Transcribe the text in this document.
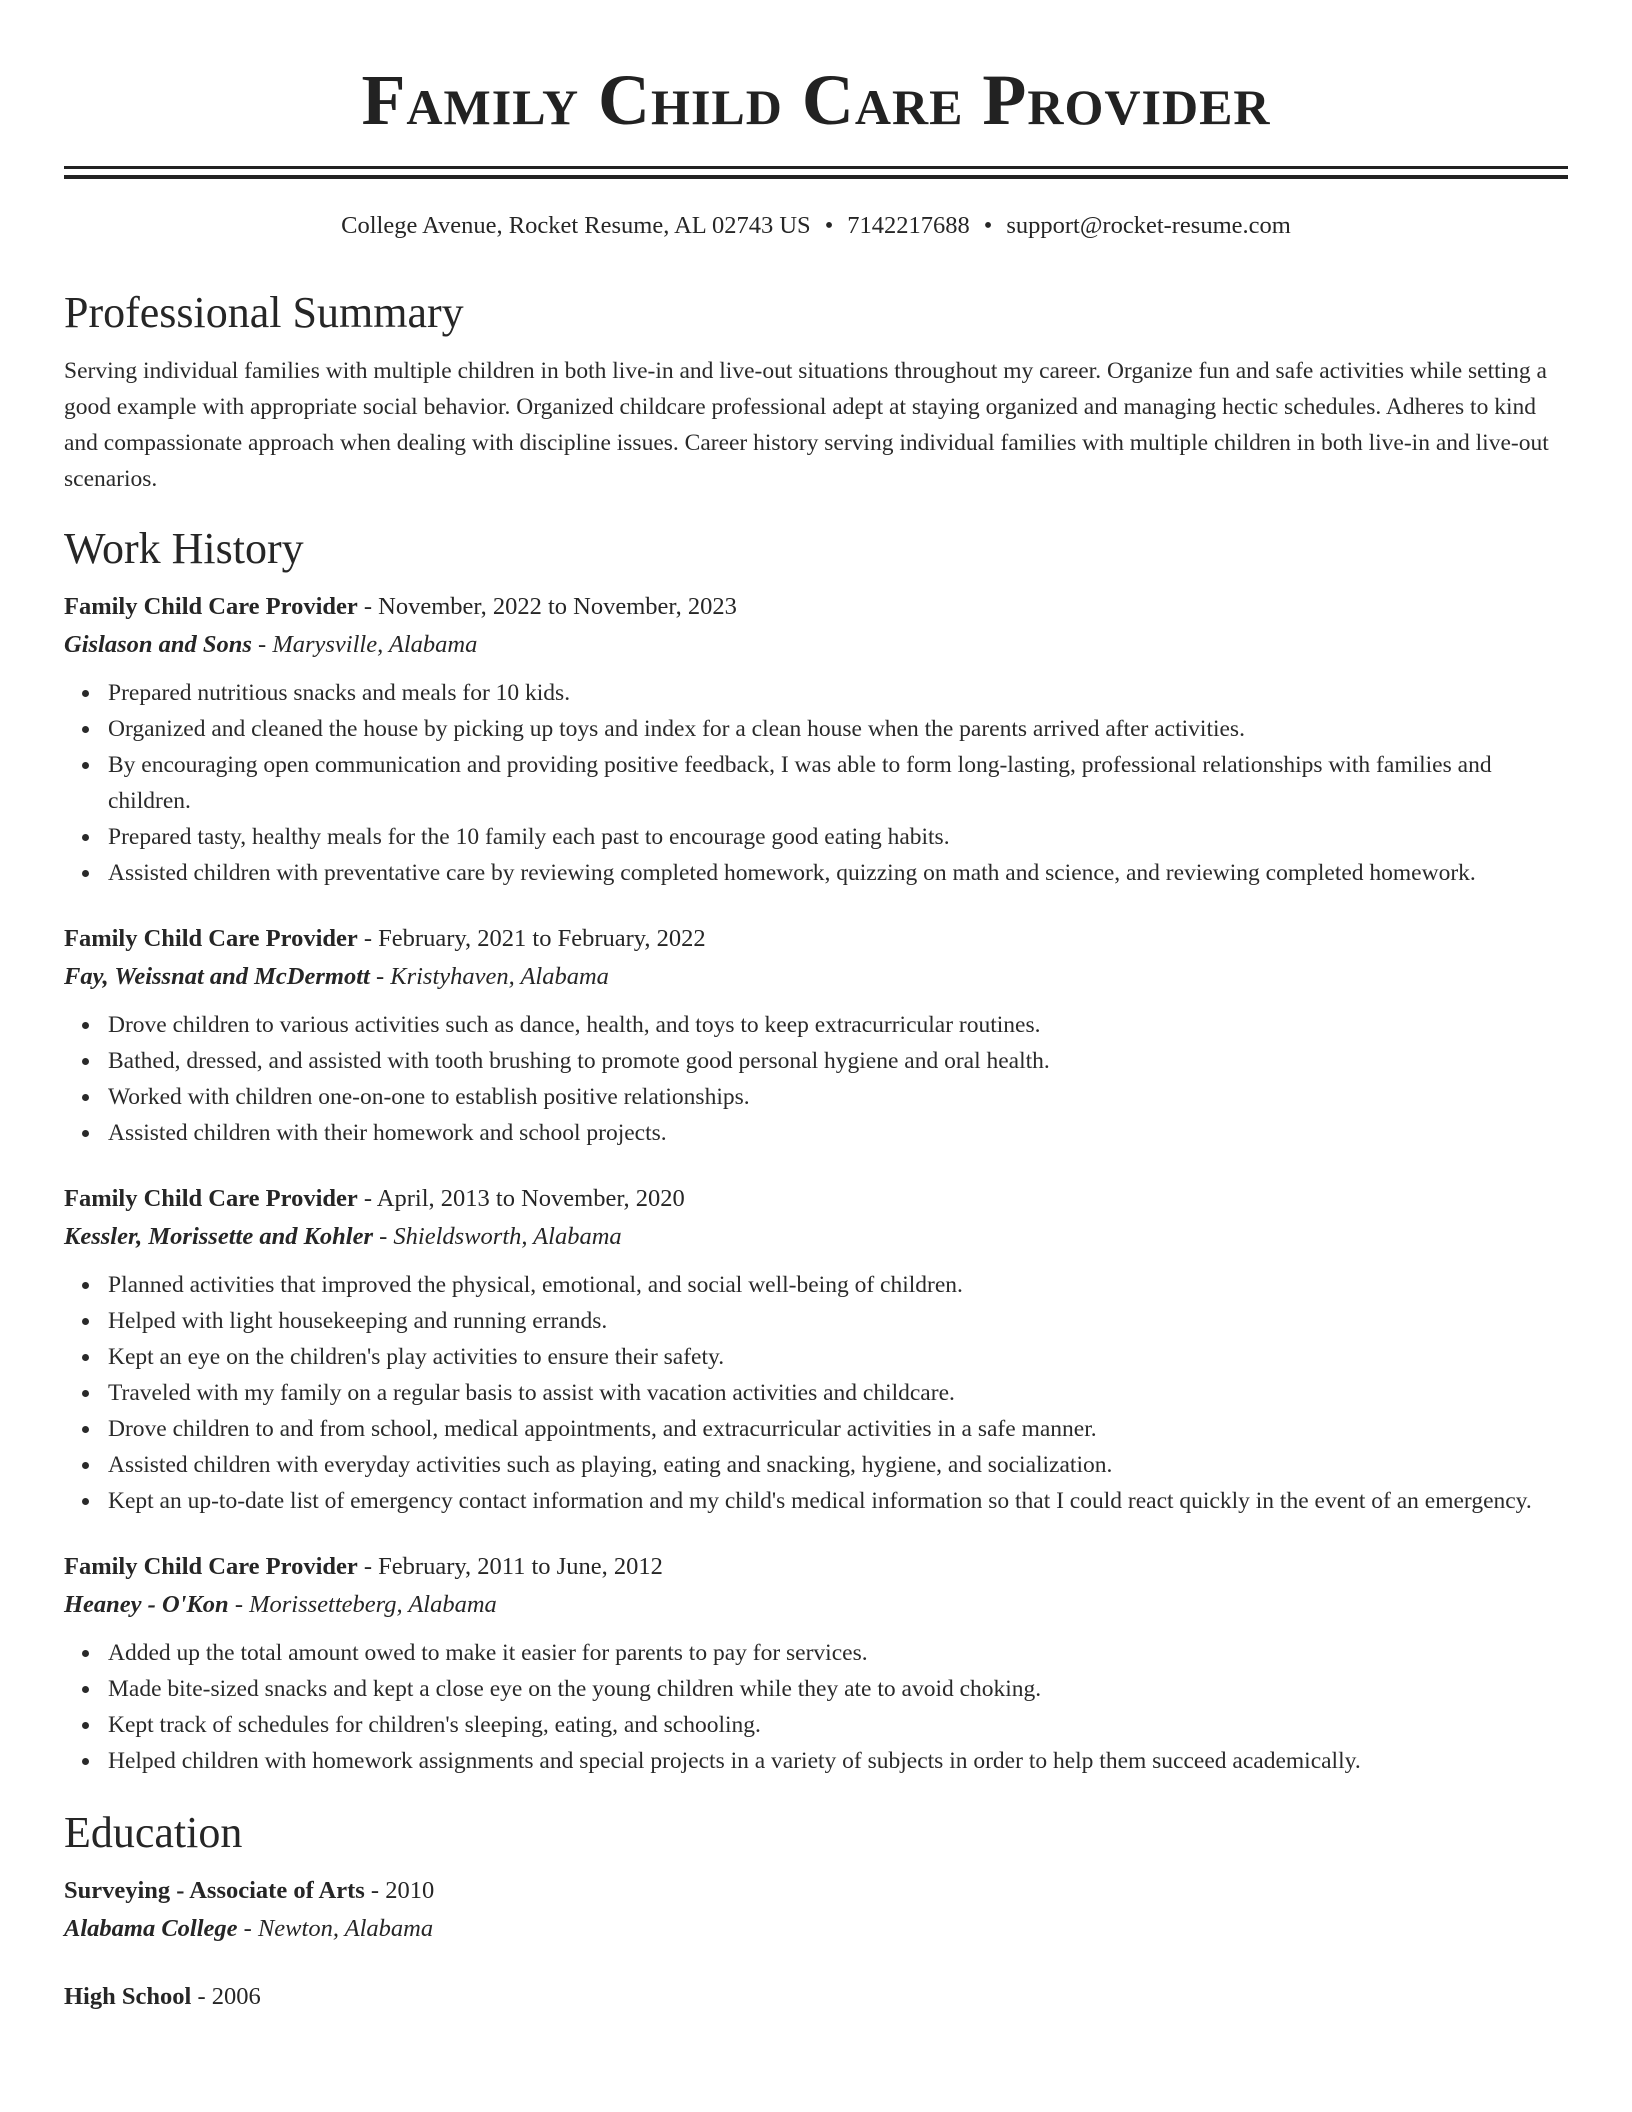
Family Child Care Provider
College Avenue, Rocket Resume, AL 02743 US • 7142217688 • support@rocket-resume.com
Professional Summary

Serving individual families with multiple children in both live-in and live-out situations throughout my career. Organize fun and safe activities while setting a good example with appropriate social behavior. Organized childcare professional adept at staying organized and managing hectic schedules. Adheres to kind and compassionate approach when dealing with discipline issues. Career history serving individual families with multiple children in both live-in and live-out scenarios.

Work History
Family Child Care Provider - November, 2022 to November, 2023
Gislason and Sons - Marysville, Alabama
Prepared nutritious snacks and meals for 10 kids.
Organized and cleaned the house by picking up toys and index for a clean house when the parents arrived after activities.
By encouraging open communication and providing positive feedback, I was able to form long-lasting, professional relationships with families and children.
Prepared tasty, healthy meals for the 10 family each past to encourage good eating habits.
Assisted children with preventative care by reviewing completed homework, quizzing on math and science, and reviewing completed homework.
Family Child Care Provider - February, 2021 to February, 2022
Fay, Weissnat and McDermott - Kristyhaven, Alabama
Drove children to various activities such as dance, health, and toys to keep extracurricular routines.
Bathed, dressed, and assisted with tooth brushing to promote good personal hygiene and oral health.
Worked with children one-on-one to establish positive relationships.
Assisted children with their homework and school projects.
Family Child Care Provider - April, 2013 to November, 2020
Kessler, Morissette and Kohler - Shieldsworth, Alabama
Planned activities that improved the physical, emotional, and social well-being of children.
Helped with light housekeeping and running errands.
Kept an eye on the children's play activities to ensure their safety.
Traveled with my family on a regular basis to assist with vacation activities and childcare.
Drove children to and from school, medical appointments, and extracurricular activities in a safe manner.
Assisted children with everyday activities such as playing, eating and snacking, hygiene, and socialization.
Kept an up-to-date list of emergency contact information and my child's medical information so that I could react quickly in the event of an emergency.
Family Child Care Provider - February, 2011 to June, 2012
Heaney - O'Kon - Morissetteberg, Alabama
Added up the total amount owed to make it easier for parents to pay for services.
Made bite-sized snacks and kept a close eye on the young children while they ate to avoid choking.
Kept track of schedules for children's sleeping, eating, and schooling.
Helped children with homework assignments and special projects in a variety of subjects in order to help them succeed academically.
Education
Surveying - Associate of Arts - 2010
Alabama College - Newton, Alabama
High School - 2006
